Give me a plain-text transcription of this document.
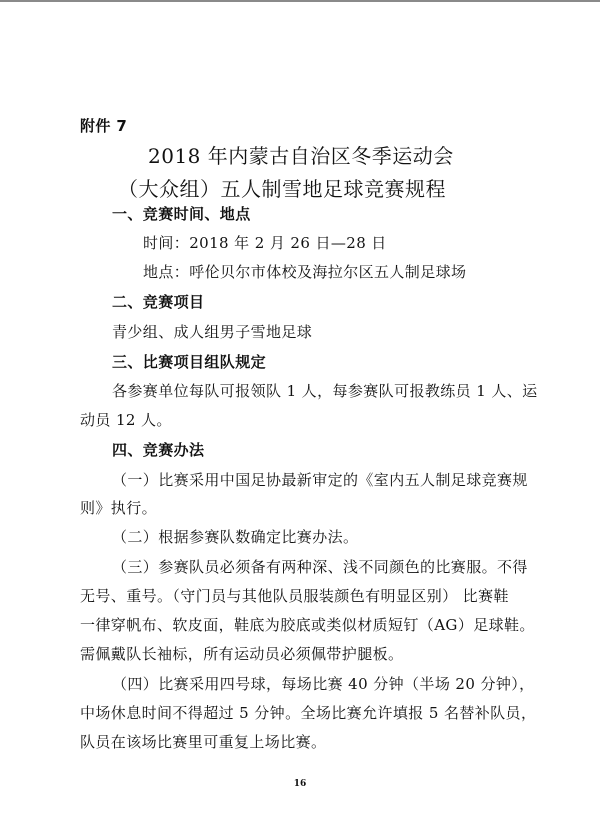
附件 7
2018 年内蒙古自治区冬季运动会
（大众组）五人制雪地足球竞赛规程
一、竞赛时间、地点
时间：2018 年 2 月 26 日—28 日
地点：呼伦贝尔市体校及海拉尔区五人制足球场
二、竞赛项目
青少组、成人组男子雪地足球
三、比赛项目组队规定
各参赛单位每队可报领队 1 人，每参赛队可报教练员 1 人、运
动员 12 人。
四、竞赛办法
（一）比赛采用中国足协最新审定的《室内五人制足球竞赛规
则》执行。
（二）根据参赛队数确定比赛办法。
（三）参赛队员必须备有两种深、浅不同颜色的比赛服。不得
无号、重号。（守门员与其他队员服装颜色有明显区别） 比赛鞋
一律穿帆布、软皮面，鞋底为胶底或类似材质短钉（AG）足球鞋。
需佩戴队长袖标，所有运动员必须佩带护腿板。
（四）比赛采用四号球，每场比赛 40 分钟（半场 20 分钟），
中场休息时间不得超过 5 分钟。全场比赛允许填报 5 名替补队员，
队员在该场比赛里可重复上场比赛。
16
